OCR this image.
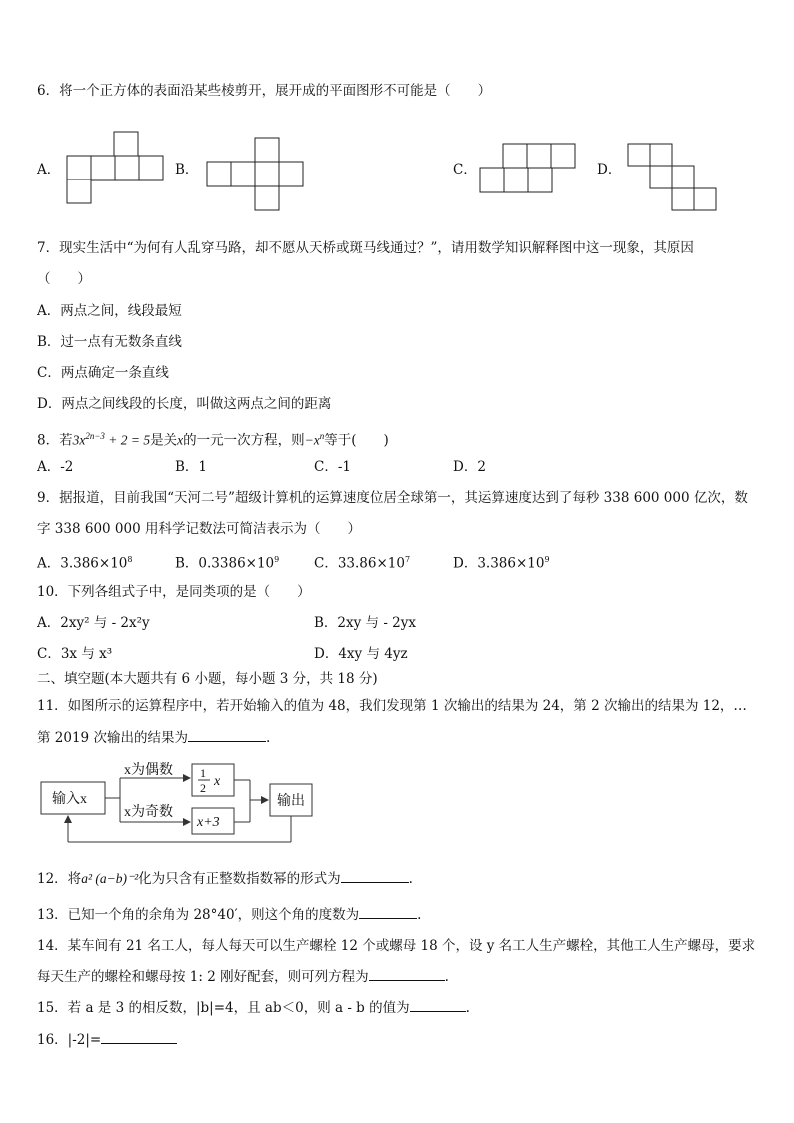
6．将一个正方体的表面沿某些棱剪开，展开成的平面图形不可能是（　　）
A．	B．	C．	D．
7．现实生活中“为何有人乱穿马路，却不愿从天桥或斑马线通过？”，请用数学知识解释图中这一现象，其原因
（　　）
A．两点之间，线段最短
B．过一点有无数条直线
C．两点确定一条直线
D．两点之间线段的长度，叫做这两点之间的距离
8．若$3x^{2n-3} + 2 = 5$是关x的一元一次方程，则$-x^n$等于(　　)
A．-2	B．1	C．-1	D．2
9．据报道，目前我国“天河二号”超级计算机的运算速度位居全球第一，其运算速度达到了每秒 338 600 000 亿次，数
字 338 600 000 用科学记数法可简洁表示为（　　）
A．$3.386\times 10^8$	B．$0.3386\times 10^9$	C．$33.86\times 10^7$	D．$3.386\times 10^9$
10．下列各组式子中，是同类项的是（　　）
A．2xy² 与 - 2x²y	B．2xy 与 - 2yx
C．3x 与 x³	D．4xy 与 4yz
二、填空题(本大题共有 6 小题，每小题 3 分，共 18 分)
11．如图所示的运算程序中，若开始输入的值为 48，我们发现第 1 次输出的结果为 24，第 2 次输出的结果为 12，…
第 2019 次输出的结果为	.
输入x
x为偶数
x为奇数
1
2 x
x+3
输出
12．将a² (a−b)⁻²化为只含有正整数指数幂的形式为	.
13．已知一个角的余角为 28°40′，则这个角的度数为	.
14．某车间有 21 名工人，每人每天可以生产螺栓 12 个或螺母 18 个，设 y 名工人生产螺栓，其他工人生产螺母，要求
每天生产的螺栓和螺母按 1: 2 刚好配套，则可列方程为	.
15．若 a 是 3 的相反数，|b|=4，且 ab＜0，则 a - b 的值为	.
16．|-2|=
